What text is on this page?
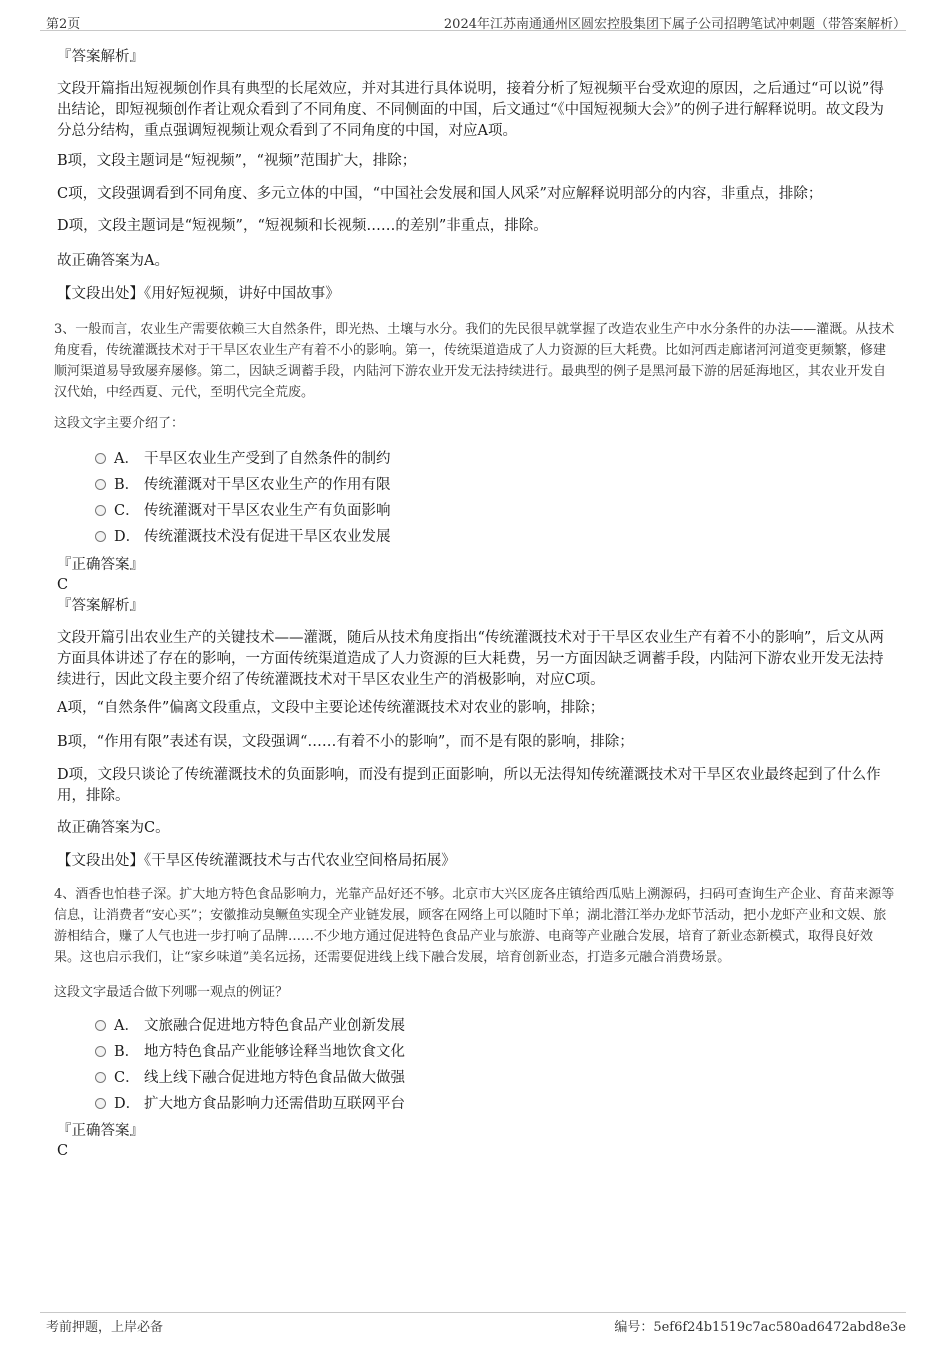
第2页	2024年江苏南通通州区圆宏控股集团下属子公司招聘笔试冲刺题（带答案解析）
『答案解析』
文段开篇指出短视频创作具有典型的长尾效应，并对其进行具体说明，接着分析了短视频平台受欢迎的原因，之后通过“可以说”得出结论，即短视频创作者让观众看到了不同角度、不同侧面的中国，后文通过“《中国短视频大会》”的例子进行解释说明。故文段为分总分结构，重点强调短视频让观众看到了不同角度的中国，对应A项。
B项，文段主题词是“短视频”，“视频”范围扩大，排除；
C项，文段强调看到不同角度、多元立体的中国，“中国社会发展和国人风采”对应解释说明部分的内容，非重点，排除；
D项，文段主题词是“短视频”，“短视频和长视频……的差别”非重点，排除。
故正确答案为A。
【文段出处】《用好短视频，讲好中国故事》
3、一般而言，农业生产需要依赖三大自然条件，即光热、土壤与水分。我们的先民很早就掌握了改造农业生产中水分条件的办法——灌溉。从技术角度看，传统灌溉技术对于干旱区农业生产有着不小的影响。第一，传统渠道造成了人力资源的巨大耗费。比如河西走廊诸河河道变更频繁，修建顺河渠道易导致屡弃屡修。第二，因缺乏调蓄手段，内陆河下游农业开发无法持续进行。最典型的例子是黑河最下游的居延海地区，其农业开发自汉代始，中经西夏、元代，至明代完全荒废。
这段文字主要介绍了：
A． 干旱区农业生产受到了自然条件的制约
B． 传统灌溉对干旱区农业生产的作用有限
C． 传统灌溉对干旱区农业生产有负面影响
D． 传统灌溉技术没有促进干旱区农业发展
『正确答案』
C
『答案解析』
文段开篇引出农业生产的关键技术——灌溉，随后从技术角度指出“传统灌溉技术对于干旱区农业生产有着不小的影响”，后文从两方面具体讲述了存在的影响，一方面传统渠道造成了人力资源的巨大耗费，另一方面因缺乏调蓄手段，内陆河下游农业开发无法持续进行，因此文段主要介绍了传统灌溉技术对干旱区农业生产的消极影响，对应C项。
A项，“自然条件”偏离文段重点，文段中主要论述传统灌溉技术对农业的影响，排除；
B项，“作用有限”表述有误，文段强调“……有着不小的影响”，而不是有限的影响，排除；
D项，文段只谈论了传统灌溉技术的负面影响，而没有提到正面影响，所以无法得知传统灌溉技术对干旱区农业最终起到了什么作用，排除。
故正确答案为C。
【文段出处】《干旱区传统灌溉技术与古代农业空间格局拓展》
4、酒香也怕巷子深。扩大地方特色食品影响力，光靠产品好还不够。北京市大兴区庞各庄镇给西瓜贴上溯源码，扫码可查询生产企业、育苗来源等信息，让消费者“安心买”；安徽推动臭鳜鱼实现全产业链发展，顾客在网络上可以随时下单；湖北潜江举办龙虾节活动，把小龙虾产业和文娱、旅游相结合，赚了人气也进一步打响了品牌……不少地方通过促进特色食品产业与旅游、电商等产业融合发展，培育了新业态新模式，取得良好效果。这也启示我们，让“家乡味道”美名远扬，还需要促进线上线下融合发展，培育创新业态，打造多元融合消费场景。
这段文字最适合做下列哪一观点的例证？
A． 文旅融合促进地方特色食品产业创新发展
B． 地方特色食品产业能够诠释当地饮食文化
C． 线上线下融合促进地方特色食品做大做强
D． 扩大地方食品影响力还需借助互联网平台
『正确答案』
C
考前押题，上岸必备	编号：5ef6f24b1519c7ac580ad6472abd8e3e
